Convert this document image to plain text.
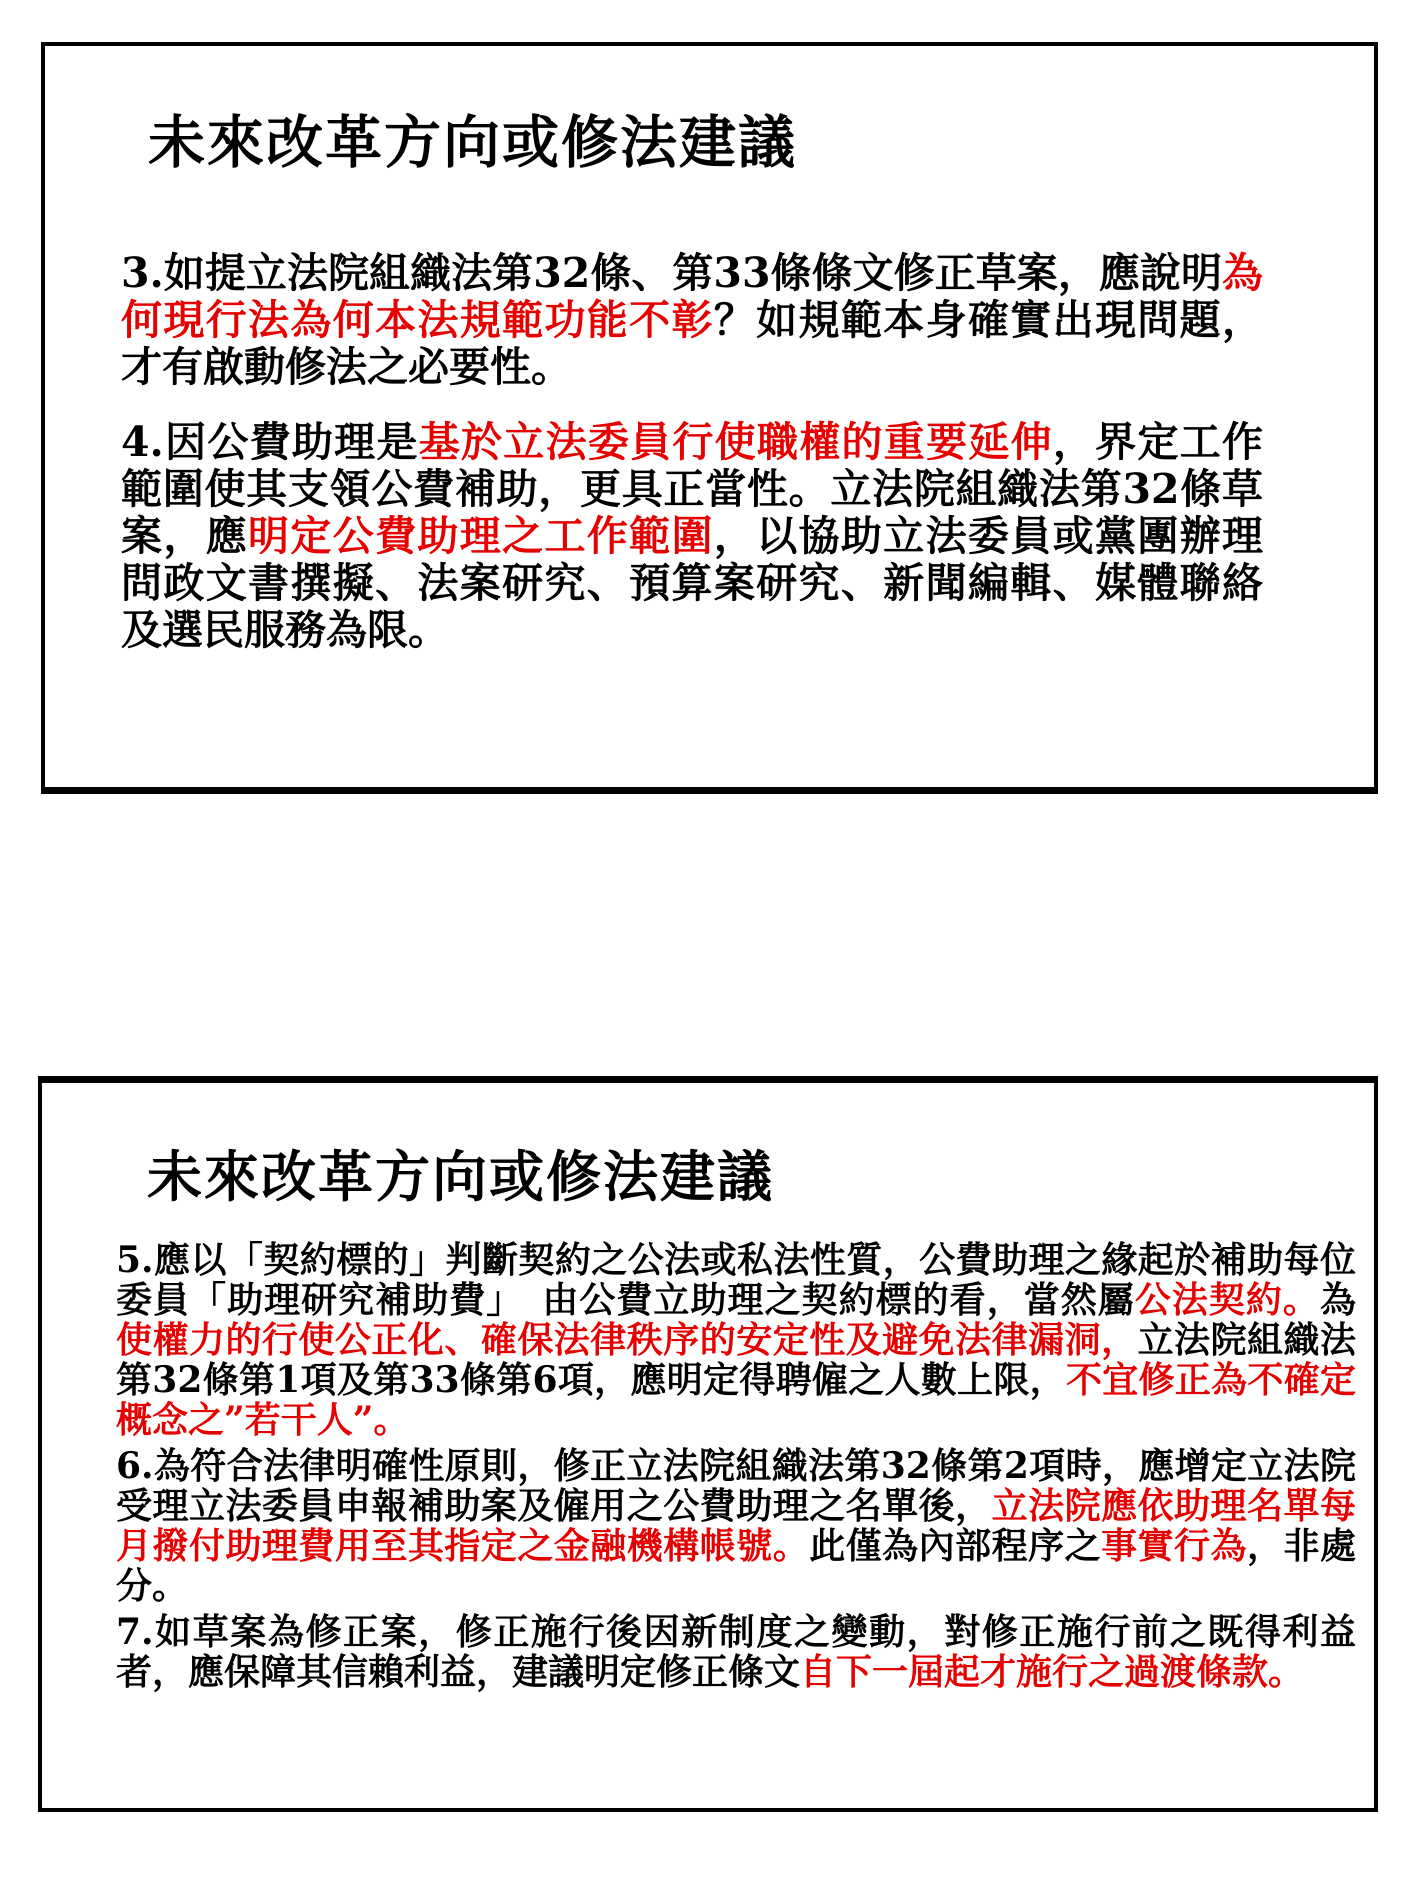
未來改革方向或修法建議

3.如提立法院組織法第32條、第33條條文修正草案，應說明為何現行法為何本法規範功能不彰？如規範本身確實出現問題，才有啟動修法之必要性。

4.因公費助理是基於立法委員行使職權的重要延伸，界定工作範圍使其支領公費補助，更具正當性。立法院組織法第32條草案，應明定公費助理之工作範圍，以協助立法委員或黨團辦理問政文書撰擬、法案研究、預算案研究、新聞編輯、媒體聯絡及選民服務為限。

未來改革方向或修法建議

5.應以「契約標的」判斷契約之公法或私法性質，公費助理之緣起於補助每位委員「助理研究補助費」　由公費立助理之契約標的看，當然屬公法契約。為使權力的行使公正化、確保法律秩序的安定性及避免法律漏洞，立法院組織法第32條第1項及第33條第6項，應明定得聘僱之人數上限，不宜修正為不確定概念之”若干人”。

6.為符合法律明確性原則，修正立法院組織法第32條第2項時，應增定立法院受理立法委員申報補助案及僱用之公費助理之名單後，立法院應依助理名單每月撥付助理費用至其指定之金融機構帳號。此僅為內部程序之事實行為，非處分。

7.如草案為修正案，修正施行後因新制度之變動，對修正施行前之既得利益者，應保障其信賴利益，建議明定修正條文自下一屆起才施行之過渡條款。
